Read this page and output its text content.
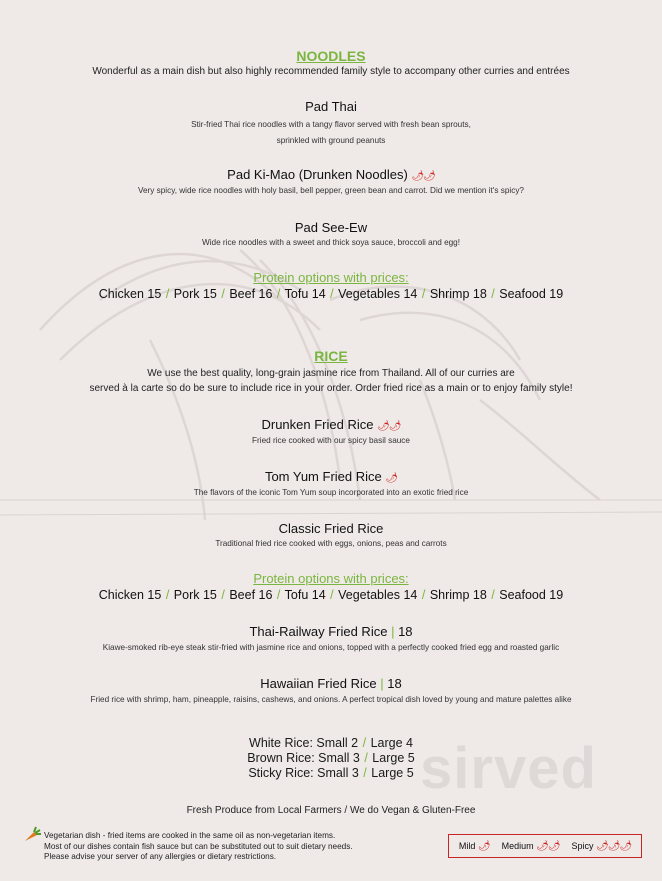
NOODLES
Wonderful as a main dish but also highly recommended family style to accompany other curries and entrées
Pad Thai
Stir-fried Thai rice noodles with a tangy flavor served with fresh bean sprouts,
sprinkled with ground peanuts
Pad Ki-Mao (Drunken Noodles) 🌶🌶
Very spicy, wide rice noodles with holy basil, bell pepper, green bean and carrot. Did we mention it's spicy?
Pad See-Ew
Wide rice noodles with a sweet and thick soya sauce, broccoli and egg!
Protein options with prices:
Chicken 15 / Pork 15 / Beef 16 / Tofu 14 / Vegetables 14 / Shrimp 18 / Seafood 19
RICE
We use the best quality, long-grain jasmine rice from Thailand. All of our curries are
served à la carte so do be sure to include rice in your order. Order fried rice as a main or to enjoy family style!
Drunken Fried Rice 🌶🌶
Fried rice cooked with our spicy basil sauce
Tom Yum Fried Rice 🌶
The flavors of the iconic Tom Yum soup incorporated into an exotic fried rice
Classic Fried Rice
Traditional fried rice cooked with eggs, onions, peas and carrots
Protein options with prices:
Chicken 15 / Pork 15 / Beef 16 / Tofu 14 / Vegetables 14 / Shrimp 18 / Seafood 19
Thai-Railway Fried Rice | 18
Kiawe-smoked rib-eye steak stir-fried with jasmine rice and onions, topped with a perfectly cooked fried egg and roasted garlic
Hawaiian Fried Rice | 18
Fried rice with shrimp, ham, pineapple, raisins, cashews, and onions. A perfect tropical dish loved by young and mature palettes alike
White Rice: Small 2 / Large 4
Brown Rice: Small 3 / Large 5
Sticky Rice: Small 3 / Large 5 sirved
Fresh Produce from Local Farmers / We do Vegan & Gluten-Free
Vegetarian dish - fried items are cooked in the same oil as non-vegetarian items.
Most of our dishes contain fish sauce but can be substituted out to suit dietary needs.
Please advise your server of any allergies or dietary restrictions.
Mild 🌶 Medium 🌶🌶 Spicy 🌶🌶🌶
